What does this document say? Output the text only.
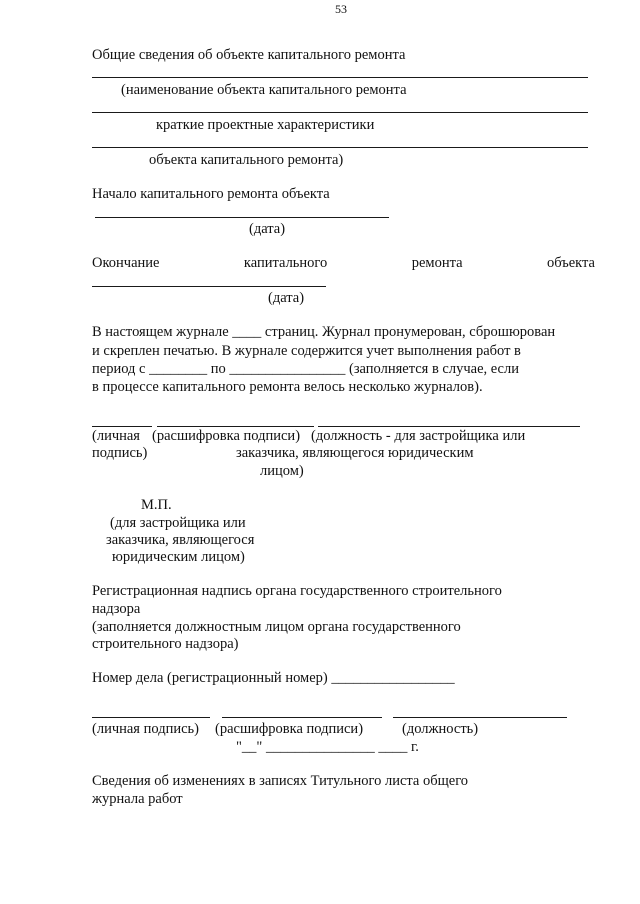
53
Общие сведения об объекте капитального ремонта
(наименование объекта капитального ремонта
краткие проектные характеристики
объекта капитального ремонта)
Начало капитального ремонта объекта
(дата)
Окончание	капитального	ремонта	объекта
(дата)
В настоящем журнале ____ страниц. Журнал пронумерован, сброшюрован
и скреплен печатью. В журнале содержится учет выполнения работ в
период с ________ по ________________ (заполняется в случае, если
в процессе капитального ремонта велось несколько журналов).
(личная
подпись)
(расшифровка подписи) (должность - для застройщика или
заказчика, являющегося юридическим
лицом)
М.П.
(для застройщика или
заказчика, являющегося
юридическим лицом)
Регистрационная надпись органа государственного строительного
надзора
(заполняется должностным лицом органа государственного
строительного надзора)
Номер дела (регистрационный номер) _________________
(личная подпись) (расшифровка подписи)	(должность)
"__" _______________ ____ г.
Сведения об изменениях в записях Титульного листа общего
журнала работ
